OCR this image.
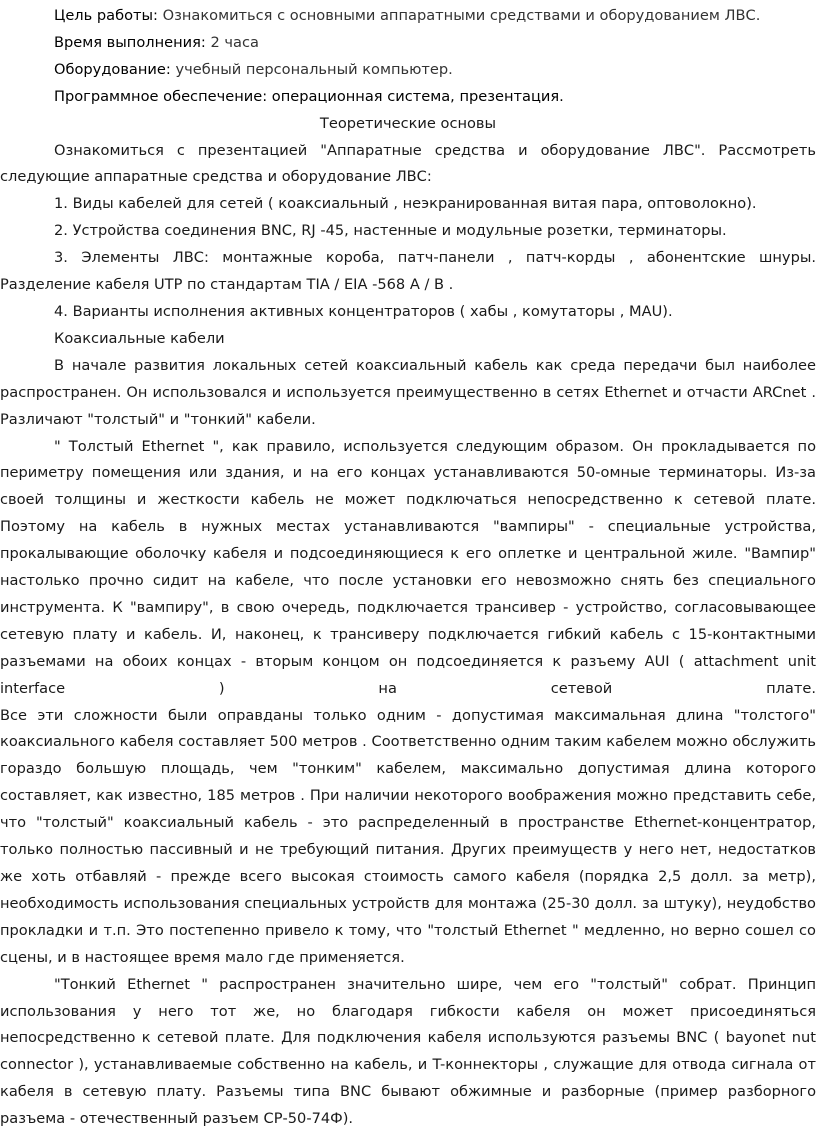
Цель работы: Ознакомиться с основными аппаратными средствами и оборудованием ЛВС.

Время выполнения: 2 часа

Оборудование: учебный персональный компьютер.

Программное обеспечение: операционная система, презентация.

Теоретические основы

Ознакомиться с презентацией "Аппаратные средства и оборудование ЛВС". Рассмотреть следующие аппаратные средства и оборудование ЛВС:

1. Виды кабелей для сетей ( коаксиальный , неэкранированная витая пара, оптоволокно).

2. Устройства соединения BNC, RJ -45, настенные и модульные розетки, терминаторы.

3. Элементы ЛВС: монтажные короба, патч-панели , патч-корды , абонентские шнуры. Разделение кабеля UTP по стандартам TIA / EIA -568 A / B .

4. Варианты исполнения активных концентраторов ( хабы , комутаторы , MAU).

Коаксиальные кабели

В начале развития локальных сетей коаксиальный кабель как среда передачи был наиболее распространен. Он использовался и используется преимущественно в сетях Ethernet и отчасти ARCnet . Различают "толстый" и "тонкий" кабели.

" Толстый Ethernet ", как правило, используется следующим образом. Он прокладывается по периметру помещения или здания, и на его концах устанавливаются 50-омные терминаторы. Из-за своей толщины и жесткости кабель не может подключаться непосредственно к сетевой плате. Поэтому на кабель в нужных местах устанавливаются "вампиры" - специальные устройства, прокалывающие оболочку кабеля и подсоединяющиеся к его оплетке и центральной жиле. "Вампир" настолько прочно сидит на кабеле, что после установки его невозможно снять без специального инструмента. К "вампиру", в свою очередь, подключается трансивер - устройство, согласовывающее сетевую плату и кабель. И, наконец, к трансиверу подключается гибкий кабель с 15-контактными разъемами на обоих концах - вторым концом он подсоединяется к разъему AUI ( attachment unit interface ) на сетевой плате.

Все эти сложности были оправданы только одним - допустимая максимальная длина "толстого" коаксиального кабеля составляет 500 метров . Соответственно одним таким кабелем можно обслужить гораздо большую площадь, чем "тонким" кабелем, максимально допустимая длина которого составляет, как известно, 185 метров . При наличии некоторого воображения можно представить себе, что "толстый" коаксиальный кабель - это распределенный в пространстве Ethernet-концентратор, только полностью пассивный и не требующий питания. Других преимуществ у него нет, недостатков же хоть отбавляй - прежде всего высокая стоимость самого кабеля (порядка 2,5 долл. за метр), необходимость использования специальных устройств для монтажа (25-30 долл. за штуку), неудобство прокладки и т.п. Это постепенно привело к тому, что "толстый Ethernet " медленно, но верно сошел со сцены, и в настоящее время мало где применяется.

"Тонкий Ethernet " распространен значительно шире, чем его "толстый" собрат. Принцип использования у него тот же, но благодаря гибкости кабеля он может присоединяться непосредственно к сетевой плате. Для подключения кабеля используются разъемы BNC ( bayonet nut connector ), устанавливаемые собственно на кабель, и T-коннекторы , служащие для отвода сигнала от кабеля в сетевую плату. Разъемы типа BNC бывают обжимные и разборные (пример разборного разъема - отечественный разъем СР-50-74Ф).
